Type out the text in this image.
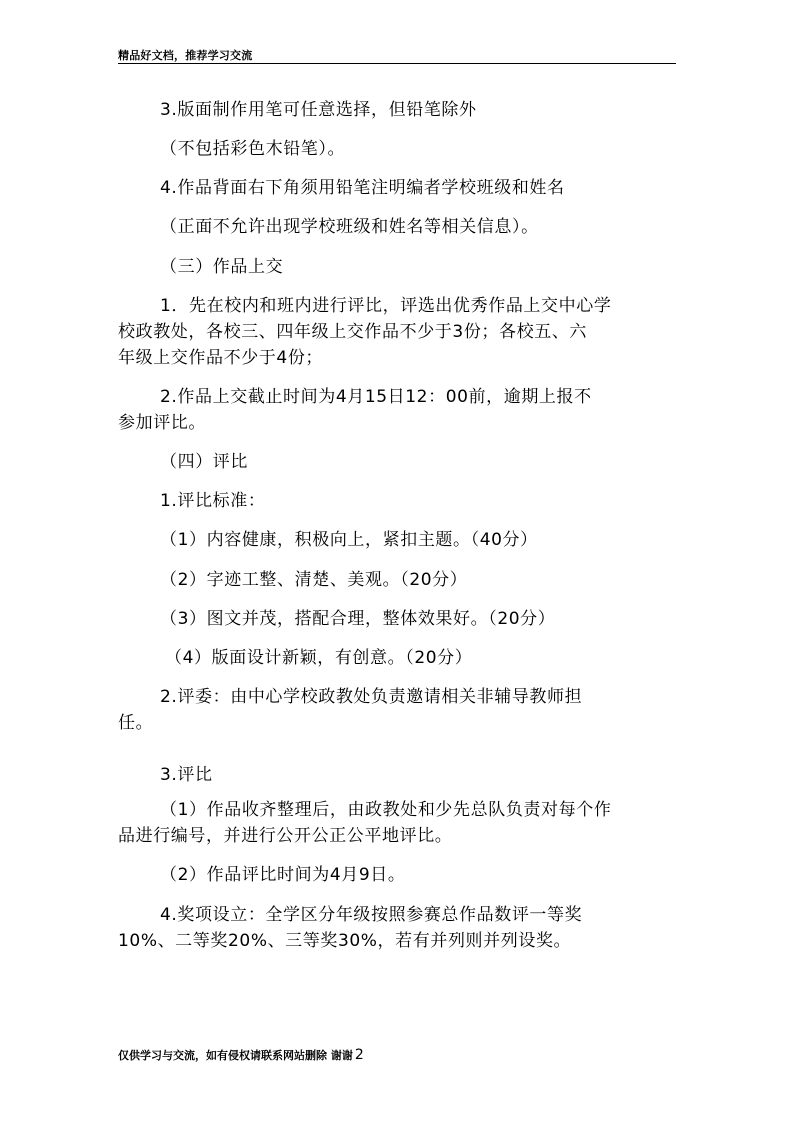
精品好文档，推荐学习交流
3.版面制作用笔可任意选择，但铅笔除外
（不包括彩色木铅笔）。
4.作品背面右下角须用铅笔注明编者学校班级和姓名
（正面不允许出现学校班级和姓名等相关信息）。
（三）作品上交
1．先在校内和班内进行评比，评选出优秀作品上交中心学
校政教处，各校三、四年级上交作品不少于3份；各校五、六
年级上交作品不少于4份；
2.作品上交截止时间为4月15日12：00前，逾期上报不
参加评比。
（四）评比
1.评比标准：
（1）内容健康，积极向上，紧扣主题。（40分）
（2）字迹工整、清楚、美观。（20分）
（3）图文并茂，搭配合理，整体效果好。（20分）
（4）版面设计新颖，有创意。（20分）
2.评委：由中心学校政教处负责邀请相关非辅导教师担
任。
3.评比
（1）作品收齐整理后，由政教处和少先总队负责对每个作
品进行编号，并进行公开公正公平地评比。
（2）作品评比时间为4月9日。
4.奖项设立：全学区分年级按照参赛总作品数评一等奖
10%、二等奖20%、三等奖30%，若有并列则并列设奖。
仅供学习与交流，如有侵权请联系网站删除 谢谢 2
